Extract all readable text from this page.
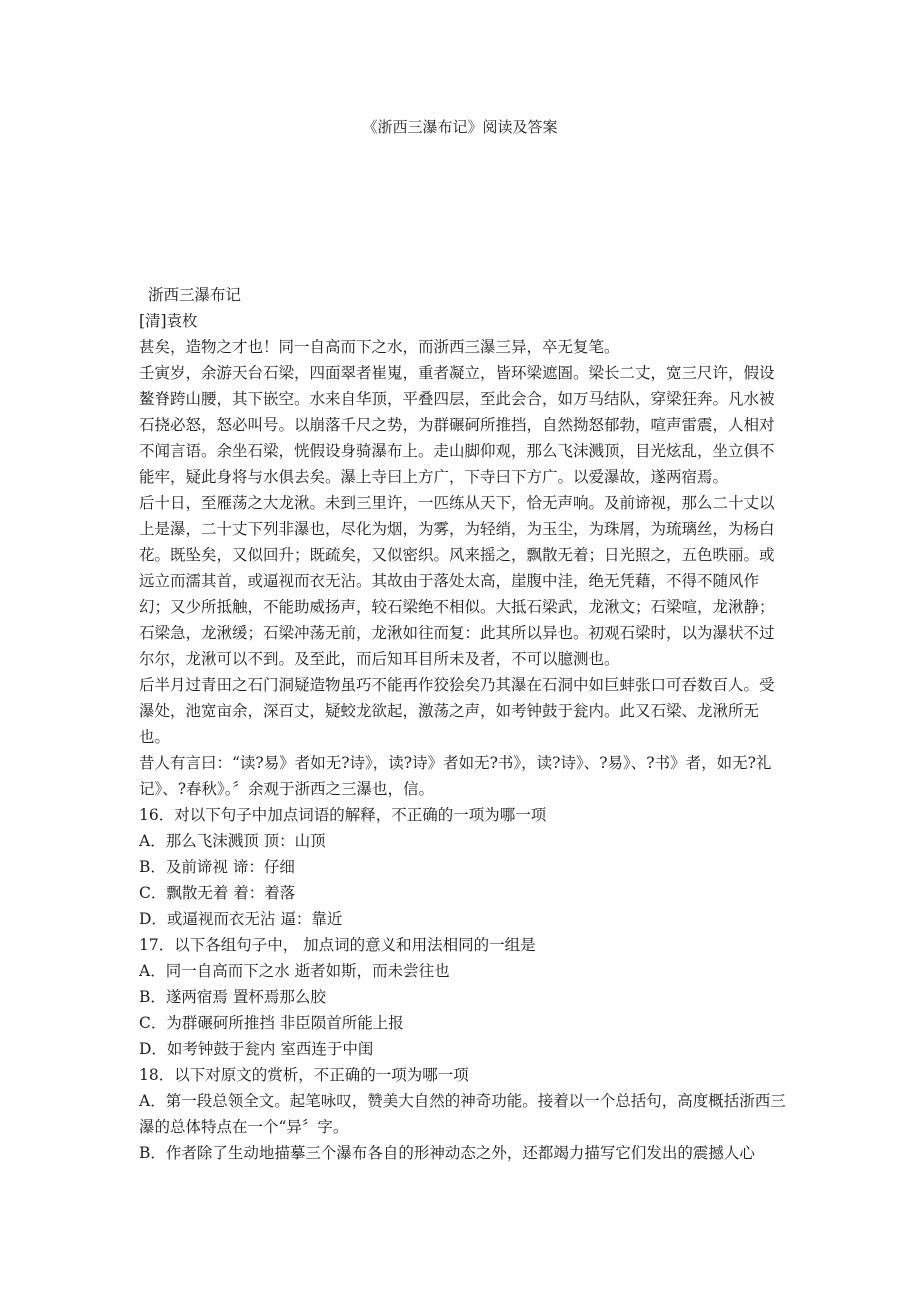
《浙西三瀑布记》阅读及答案

浙西三瀑布记

[清]袁枚

甚矣，造物之才也！同一自高而下之水，而浙西三瀑三异，卒无复笔。

壬寅岁，余游天台石梁，四面翠者崔嵬，重者凝立，皆环梁遮圄。梁长二丈，宽三尺许，假设鳌脊跨山腰，其下嵌空。水来自华顶，平叠四层，至此会合，如万马结队，穿梁狂奔。凡水被石挠必怒，怒必叫号。以崩落千尺之势，为群碾砢所推挡，自然拗怒郁勃，喧声雷震，人相对不闻言语。余坐石梁，恍假设身骑瀑布上。走山脚仰观，那么飞沫溅顶，目光炫乱，坐立俱不能牢，疑此身将与水俱去矣。瀑上寺曰上方广，下寺曰下方广。以爱瀑故，遂两宿焉。

后十日，至雁荡之大龙湫。未到三里许，一匹练从天下，恰无声响。及前谛视，那么二十丈以上是瀑，二十丈下列非瀑也，尽化为烟，为雾，为轻绡，为玉尘，为珠屑，为琉璃丝，为杨白花。既坠矣，又似回升；既疏矣，又似密织。风来摇之，飘散无着；日光照之，五色昳丽。或远立而濡其首，或逼视而衣无沾。其故由于落处太高，崖腹中洼，绝无凭藉，不得不随风作幻；又少所抵触，不能助威扬声，较石梁绝不相似。大抵石梁武，龙湫文；石梁喧，龙湫静；石梁急，龙湫缓；石梁冲荡无前，龙湫如往而复：此其所以异也。初观石梁时，以为瀑状不过尔尔，龙湫可以不到。及至此，而后知耳目所未及者，不可以臆测也。

后半月过青田之石门洞疑造物虽巧不能再作狡狯矣乃其瀑在石洞中如巨蚌张口可吞数百人。受瀑处，池宽亩余，深百丈，疑蛟龙欲起，激荡之声，如考钟鼓于瓮内。此又石梁、龙湫所无也。

昔人有言曰：“读?易》者如无?诗》，读?诗》者如无?书》，读?诗》、?易》、?书》者，如无?礼记》、?春秋》。〞余观于浙西之三瀑也，信。

16．对以下句子中加点词语的解释，不正确的一项为哪一项

A．那么飞沫溅顶 顶：山顶

B．及前谛视 谛：仔细

C．飘散无着 着：着落

D．或逼视而衣无沾 逼：靠近

17．以下各组句子中， 加点词的意义和用法相同的一组是

A．同一自高而下之水 逝者如斯，而未尝往也

B．遂两宿焉 置杯焉那么胶

C．为群碾砢所推挡 非臣陨首所能上报

D．如考钟鼓于瓮内 室西连于中闺

18．以下对原文的赏析，不正确的一项为哪一项

A．第一段总领全文。起笔咏叹，赞美大自然的神奇功能。接着以一个总括句，高度概括浙西三瀑的总体特点在一个“异〞字。

B．作者除了生动地描摹三个瀑布各自的形神动态之外，还都竭力描写它们发出的震撼人心
